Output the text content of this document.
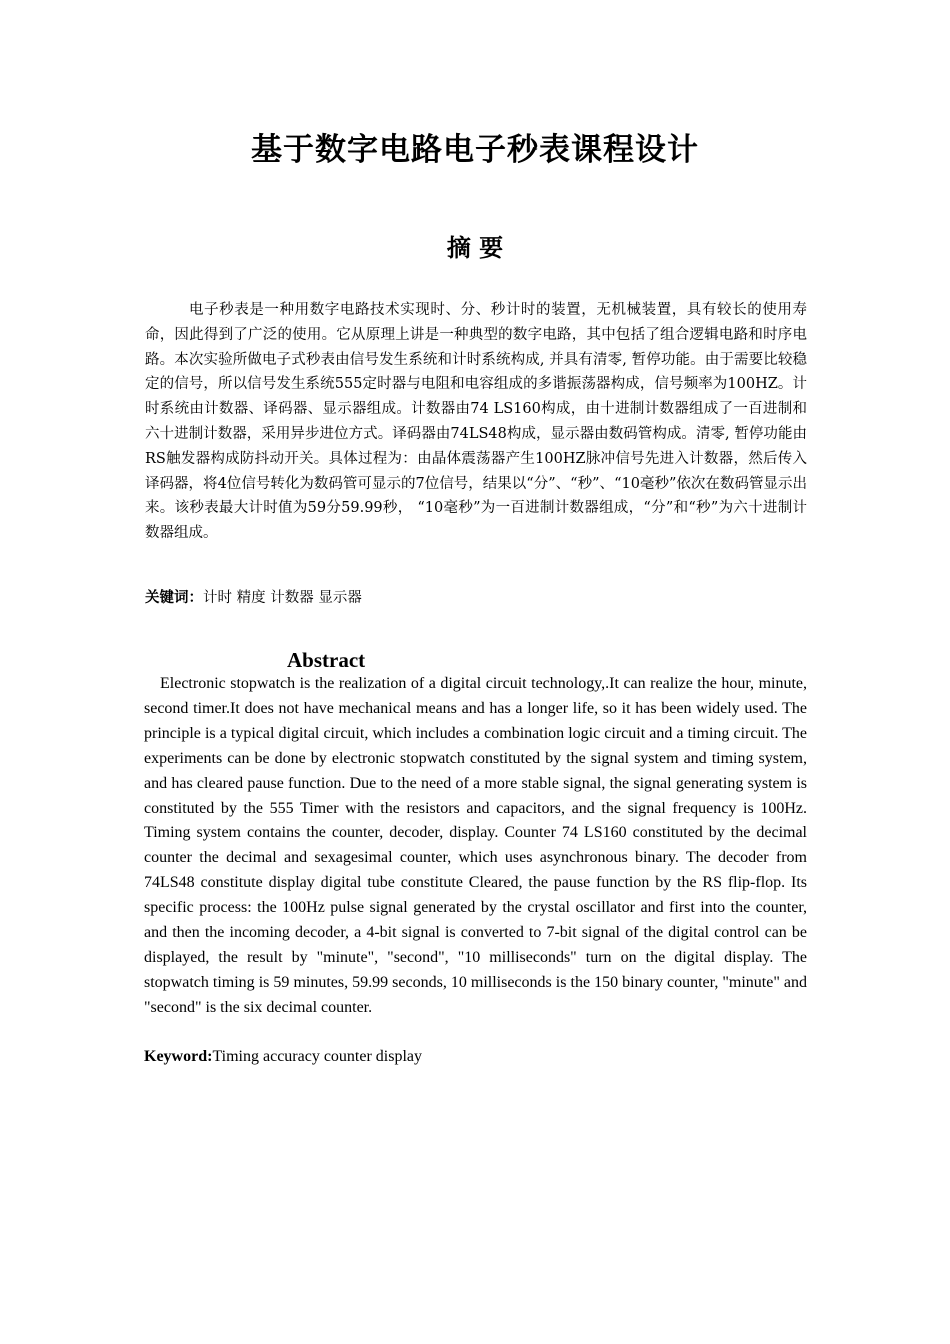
基于数字电路电子秒表课程设计
摘 要

电子秒表是一种用数字电路技术实现时、分、秒计时的装置，无机械装置，具有较长的使用寿命，因此得到了广泛的使用。它从原理上讲是一种典型的数字电路，其中包括了组合逻辑电路和时序电路。本次实验所做电子式秒表由信号发生系统和计时系统构成, 并具有清零, 暂停功能。由于需要比较稳定的信号，所以信号发生系统555定时器与电阻和电容组成的多谐振荡器构成，信号频率为100HZ。计时系统由计数器、译码器、显示器组成。计数器由74 LS160构成，由十进制计数器组成了一百进制和六十进制计数器，采用异步进位方式。译码器由74LS48构成，显示器由数码管构成。清零, 暂停功能由RS触发器构成防抖动开关。具体过程为：由晶体震荡器产生100HZ脉冲信号先进入计数器，然后传入译码器，将4位信号转化为数码管可显示的7位信号，结果以“分”、“秒”、“10毫秒”依次在数码管显示出来。该秒表最大计时值为59分59.99秒， “10毫秒”为一百进制计数器组成，“分”和“秒”为六十进制计数器组成。

关键词：计时 精度 计数器 显示器

Abstract

Electronic stopwatch is the realization of a digital circuit technology,.It can realize the hour, minute, second timer.It does not have mechanical means and has a longer life, so it has been widely used. The principle is a typical digital circuit, which includes a combination logic circuit and a timing circuit. The experiments can be done by electronic stopwatch constituted by the signal system and timing system, and has cleared pause function. Due to the need of a more stable signal, the signal generating system is constituted by the 555 Timer with the resistors and capacitors, and the signal frequency is 100Hz. Timing system contains the counter, decoder, display. Counter 74 LS160 constituted by the decimal counter the decimal and sexagesimal counter, which uses asynchronous binary. The decoder from 74LS48 constitute display digital tube constitute Cleared, the pause function by the RS flip-flop. Its specific process: the 100Hz pulse signal generated by the crystal oscillator and first into the counter, and then the incoming decoder, a 4-bit signal is converted to 7-bit signal of the digital control can be displayed, the result by "minute", "second", "10 milliseconds" turn on the digital display. The stopwatch timing is 59 minutes, 59.99 seconds, 10 milliseconds is the 150 binary counter, "minute" and "second" is the six decimal counter.

Keyword:Timing accuracy counter display
